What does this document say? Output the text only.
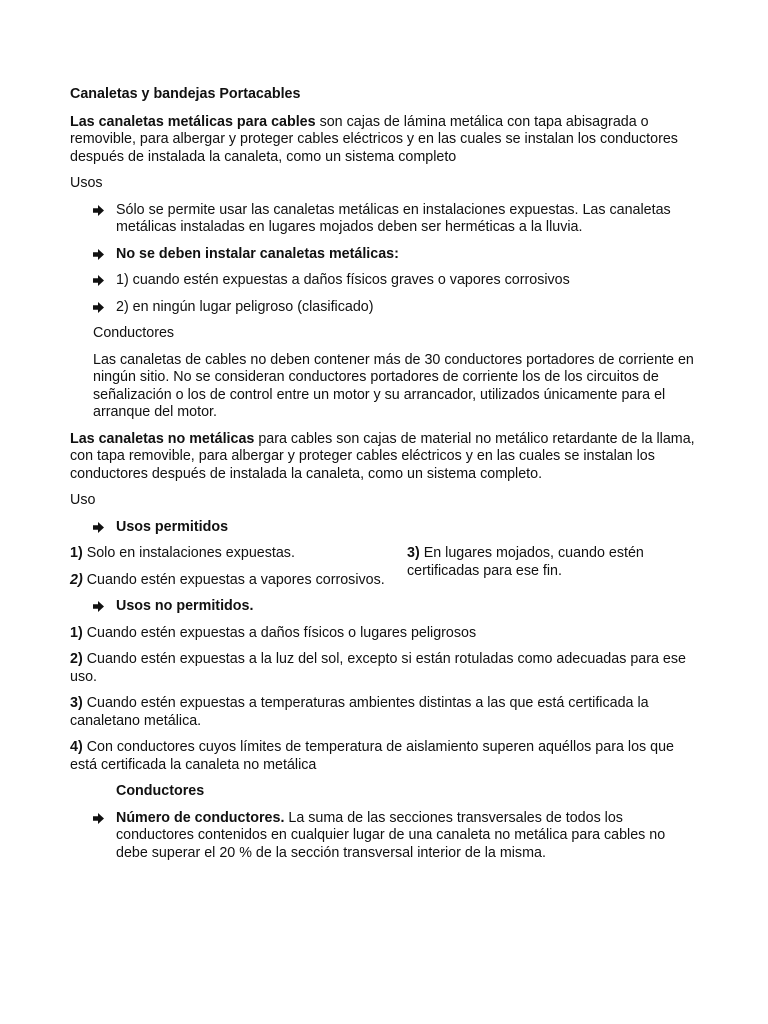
Canaletas y bandejas Portacables

Las canaletas metálicas para cables son cajas de lámina metálica con tapa abisagrada o removible, para albergar y proteger cables eléctricos y en las cuales se instalan los conductores después de instalada la canaleta, como un sistema completo

Usos

Sólo se permite usar las canaletas metálicas en instalaciones expuestas. Las canaletas metálicas instaladas en lugares mojados deben ser herméticas a la lluvia.

No se deben instalar canaletas metálicas:

1) cuando estén expuestas a daños físicos graves o vapores corrosivos

2) en ningún lugar peligroso (clasificado)

Conductores

Las canaletas de cables no deben contener más de 30 conductores portadores de corriente en ningún sitio. No se consideran conductores portadores de corriente los de los circuitos de señalización o los de control entre un motor y su arrancador, utilizados únicamente para el arranque del motor.

Las canaletas no metálicas para cables son cajas de material no metálico retardante de la llama, con tapa removible, para albergar y proteger cables eléctricos y en las cuales se instalan los conductores después de instalada la canaleta, como un sistema completo.

Uso

Usos permitidos

1) Solo en instalaciones expuestas.

2) Cuando estén expuestas a vapores corrosivos.

3) En lugares mojados, cuando estén certificadas para ese fin.

Usos no permitidos.

1) Cuando estén expuestas a daños físicos o lugares peligrosos

2) Cuando estén expuestas a la luz del sol, excepto si están rotuladas como adecuadas para ese uso.

3) Cuando estén expuestas a temperaturas ambientes distintas a las que está certificada la canaletano metálica.

4) Con conductores cuyos límites de temperatura de aislamiento superen aquéllos para los que está certificada la canaleta no metálica

Conductores

Número de conductores. La suma de las secciones transversales de todos los conductores contenidos en cualquier lugar de una canaleta no metálica para cables no debe superar el 20 % de la sección transversal interior de la misma.
